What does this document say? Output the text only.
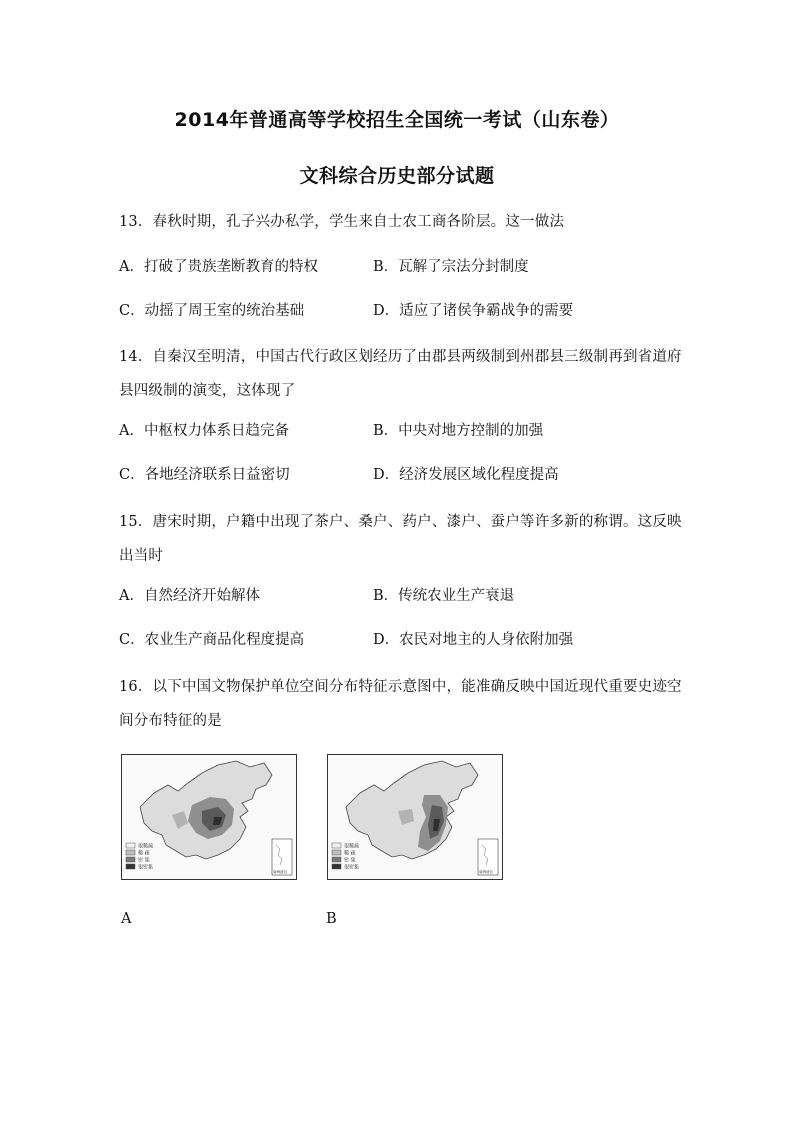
2014年普通高等学校招生全国统一考试（山东卷）
文科综合历史部分试题
13．春秋时期，孔子兴办私学，学生来自士农工商各阶层。这一做法
A．打破了贵族垄断教育的特权	B．瓦解了宗法分封制度
C．动摇了周王室的统治基础	D．适应了诸侯争霸战争的需要
14．自秦汉至明清，中国古代行政区划经历了由郡县两级制到州郡县三级制再到省道府县四级制的演变，这体现了
A．中枢权力体系日趋完备	B．中央对地方控制的加强
C．各地经济联系日益密切	D．经济发展区域化程度提高
15．唐宋时期，户籍中出现了茶户、桑户、药户、漆户、蚕户等许多新的称谓。这反映出当时
A．自然经济开始解体	B．传统农业生产衰退
C．农业生产商品化程度提高	D．农民对地主的人身依附加强
16．以下中国文物保护单位空间分布特征示意图中，能准确反映中国近现代重要史迹空间分布特征的是
很稀疏
稀 疏
密 集
很密集
南海诸岛
A
很稀疏
稀 疏
密 集
很密集
南海诸岛
B
